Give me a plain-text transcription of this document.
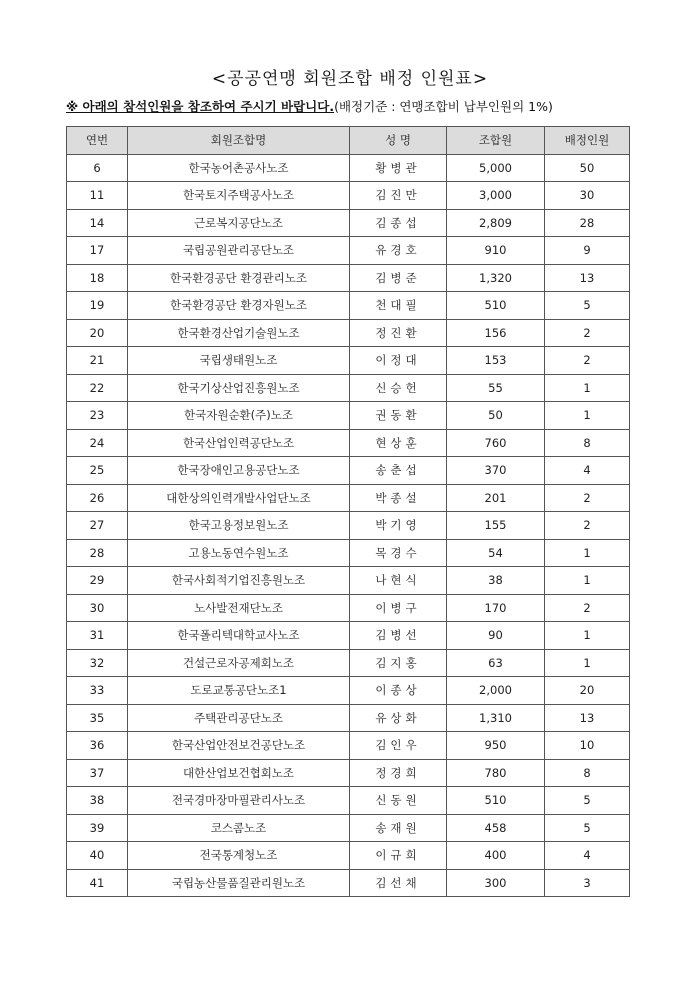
<공공연맹 회원조합 배정 인원표>
※ 아래의 참석인원을 참조하여 주시기 바랍니다.(배정기준 : 연맹조합비 납부인원의 1%)
연번	회원조합명	성 명	조합원	배정인원
6	한국농어촌공사노조	황병관	5,000	50
11	한국토지주택공사노조	김진만	3,000	30
14	근로복지공단노조	김종섭	2,809	28
17	국립공원관리공단노조	유경호	910	9
18	한국환경공단 환경관리노조	김병준	1,320	13
19	한국환경공단 환경자원노조	천대필	510	5
20	한국환경산업기술원노조	정진환	156	2
21	국립생태원노조	이정대	153	2
22	한국기상산업진흥원노조	신승헌	55	1
23	한국자원순환(주)노조	권동환	50	1
24	한국산업인력공단노조	현상훈	760	8
25	한국장애인고용공단노조	송춘섭	370	4
26	대한상의인력개발사업단노조	박종설	201	2
27	한국고용정보원노조	박기영	155	2
28	고용노동연수원노조	목경수	54	1
29	한국사회적기업진흥원노조	나현식	38	1
30	노사발전재단노조	이병구	170	2
31	한국폴리텍대학교사노조	김병선	90	1
32	건설근로자공제회노조	김지홍	63	1
33	도로교통공단노조1	이종상	2,000	20
35	주택관리공단노조	유상화	1,310	13
36	한국산업안전보건공단노조	김인우	950	10
37	대한산업보건협회노조	정경희	780	8
38	전국경마장마필관리사노조	신동원	510	5
39	코스콤노조	송재원	458	5
40	전국통계청노조	이규희	400	4
41	국립농산물품질관리원노조	김선채	300	3
